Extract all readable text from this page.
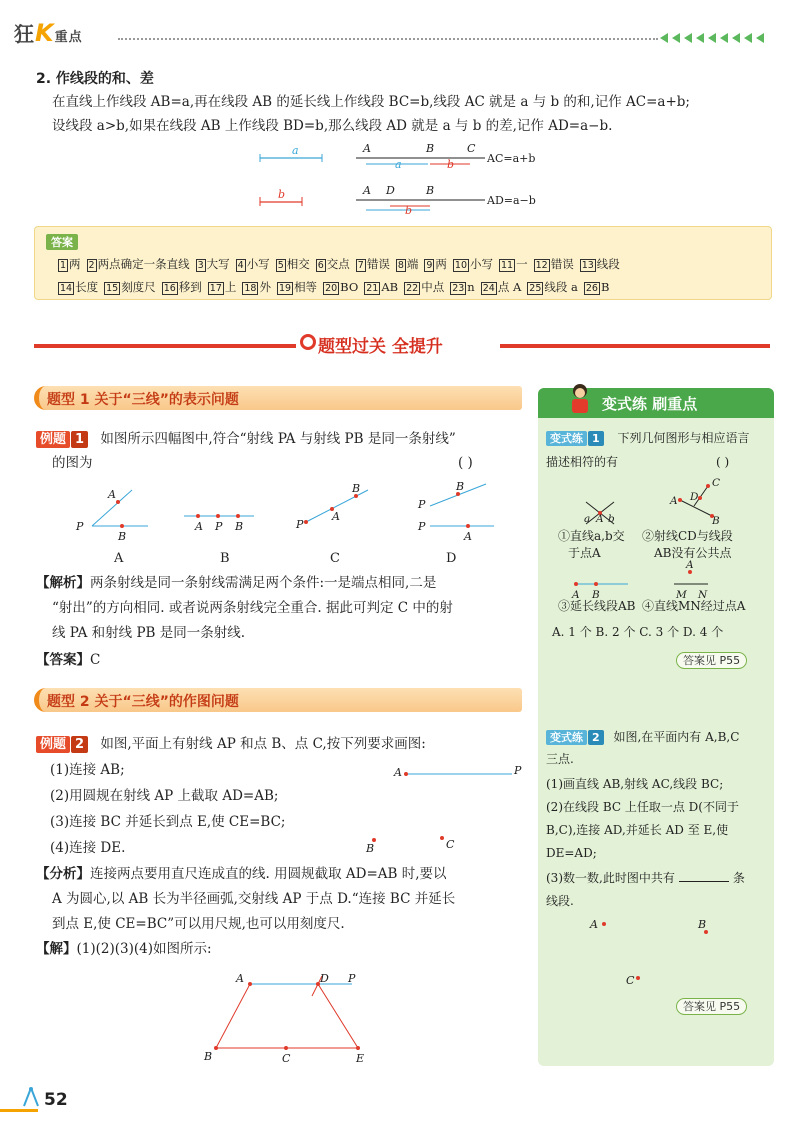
狂K重点
2. 作线段的和、差
在直线上作线段 AB=a,再在线段 AB 的延长线上作线段 BC=b,线段 AC 就是 a 与 b 的和,记作 AC=a+b;
设线段 a>b,如果在线段 AB 上作线段 BD=b,那么线段 AD 就是 a 与 b 的差,记作 AD=a−b.
a
b
A	B	C
a	b	AC=a+b
A D	B
b
AD=a−b
答案
1 两 2 两点确定一条直线 3 大写 4 小写 5 相交 6 交点 7 错误 8 端 9 两 10 小写 11 一 12 错误 13 线段
14 长度 15 刻度尺 16 移到 17 上 18 外 19 相等 20 BO 21 AB 22 中点 23 n 24 点 A 25 线段 a 26 B
题型过关 全提升
题型 1 关于“三线”的表示问题
例题 1 如图所示四幅图中,符合“射线 PA 与射线 PB 是同一条射线”
的图为	( )
P
A
B
A
A P B
B
P
A
B
C
P
B
P
A
D
【解析】两条射线是同一条射线需满足两个条件:一是端点相同,二是
“射出”的方向相同. 或者说两条射线完全重合. 据此可判定 C 中的射
线 PA 和射线 PB 是同一条射线.
【答案】C
题型 2 关于“三线”的作图问题
例题 2 如图,平面上有射线 AP 和点 B、点 C,按下列要求画图:
(1)连接 AB;
(2)用圆规在射线 AP 上截取 AD=AB;
(3)连接 BC 并延长到点 E,使 CE=BC;
(4)连接 DE.
A	P
C
B
【分析】连接两点要用直尺连成直的线. 用圆规截取 AD=AB 时,要以
A 为圆心,以 AB 长为半径画弧,交射线 AP 于点 D.“连接 BC 并延长
到点 E,使 CE=BC”可以用尺规,也可以用刻度尺.
【解】(1)(2)(3)(4)如图所示:
A	D P
B	C	E
变式练 刷重点
变式练 1 下列几何图形与相应语言
描述相符的有	( )
a A b
A
C
D
B
A B
A
M N
①直线a,b交
于点A
②射线CD与线段
AB没有公共点
③延长线段AB ④直线MN经过点A
A. 1 个 B. 2 个 C. 3 个 D. 4 个
答案见 P55
变式练 2 如图,在平面内有 A,B,C
三点.
(1)画直线 AB,射线 AC,线段 BC;
(2)在线段 BC 上任取一点 D(不同于
B,C),连接 AD,并延长 AD 至 E,使
DE=AD;
(3)数一数,此时图中共有	条
线段.
A	B
C
答案见 P55
52
